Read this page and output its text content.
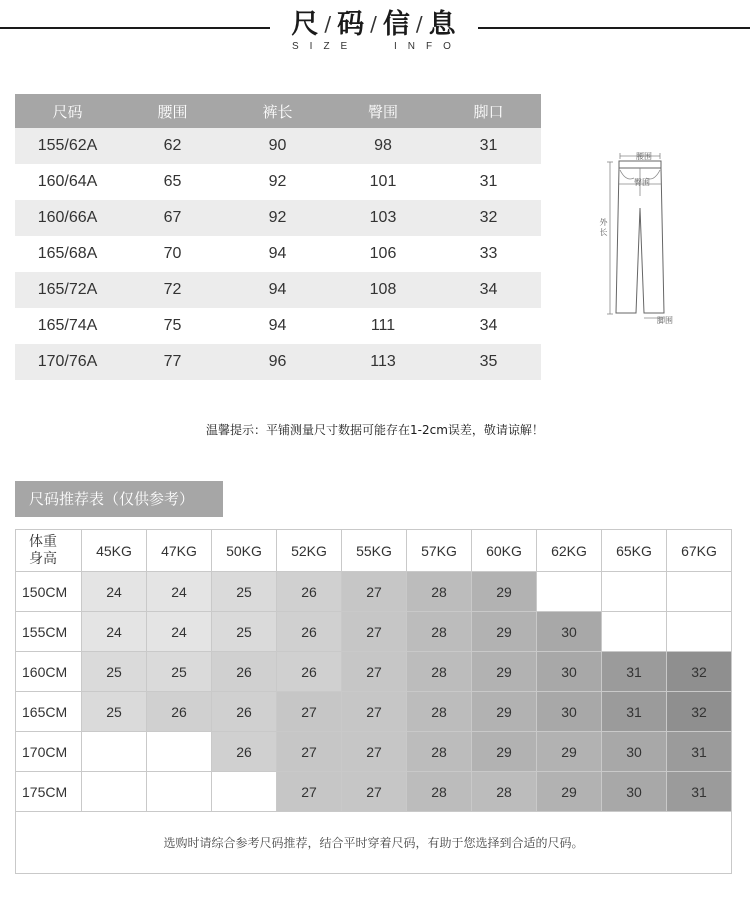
尺 / 码 / 信 / 息
SIZE	INFO
尺码	腰围	裤长	臀围	脚口
155/62A	62	90	98	31
160/64A	65	92	101	31
160/66A	67	92	103	32
165/68A	70	94	106	33
165/72A	72	94	108	34
165/74A	75	94	111	34
170/76A	77	96	113	35
腰围
臀围
外长
脚围
温馨提示：平铺测量尺寸数据可能存在1-2cm误差，敬请谅解！
尺码推荐表（仅供参考）
体重
身高	45KG	47KG	50KG	52KG	55KG	57KG	60KG	62KG	65KG	67KG
150CM	24	24	25	26	27	28	29			
155CM	24	24	25	26	27	28	29	30		
160CM	25	25	26	26	27	28	29	30	31	32
165CM	25	26	26	27	27	28	29	30	31	32
170CM			26	27	27	28	29	29	30	31
175CM				27	27	28	28	29	30	31
选购时请综合参考尺码推荐，结合平时穿着尺码，有助于您选择到合适的尺码。										
